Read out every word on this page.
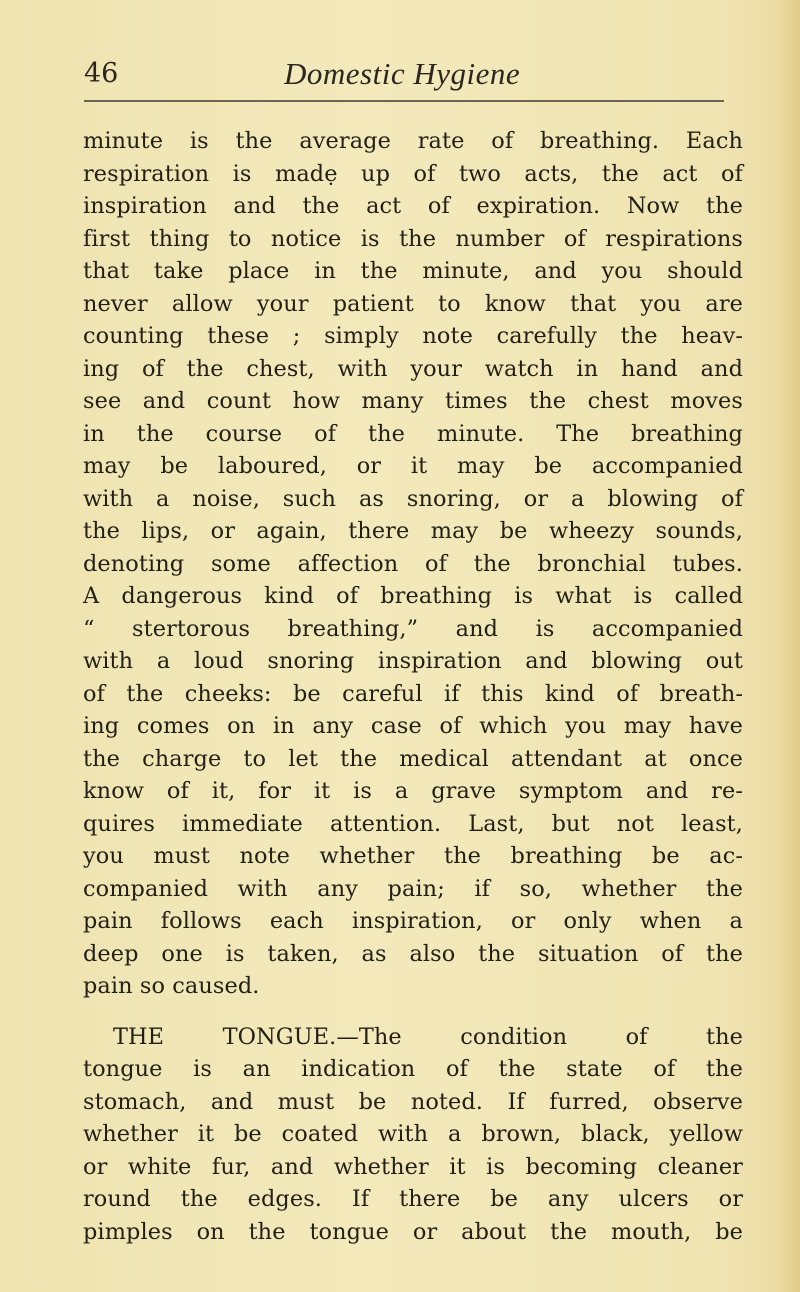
46	Domestic Hygiene
minute is the average rate of breathing. Each
respiration is madẹ up of two acts, the act of
inspiration and the act of expiration. Now the
first thing to notice is the number of respirations
that take place in the minute, and you should
never allow your patient to know that you are
counting these ; simply note carefully the heav-
ing of the chest, with your watch in hand and
see and count how many times the chest moves
in the course of the minute. The breathing
may be laboured, or it may be accompanied
with a noise, such as snoring, or a blowing of
the lips, or again, there may be wheezy sounds,
denoting some affection of the bronchial tubes.
A dangerous kind of breathing is what is called
“ stertorous breathing,” and is accompanied
with a loud snoring inspiration and blowing out
of the cheeks: be careful if this kind of breath-
ing comes on in any case of which you may have
the charge to let the medical attendant at once
know of it, for it is a grave symptom and re-
quires immediate attention. Last, but not least,
you must note whether the breathing be ac-
companied with any pain; if so, whether the
pain follows each inspiration, or only when a
deep one is taken, as also the situation of the
pain so caused.
THE TONGUE.—The condition of the
tongue is an indication of the state of the
stomach, and must be noted. If furred, observe
whether it be coated with a brown, black, yellow
or white fur, and whether it is becoming cleaner
round the edges. If there be any ulcers or
pimples on the tongue or about the mouth, be
